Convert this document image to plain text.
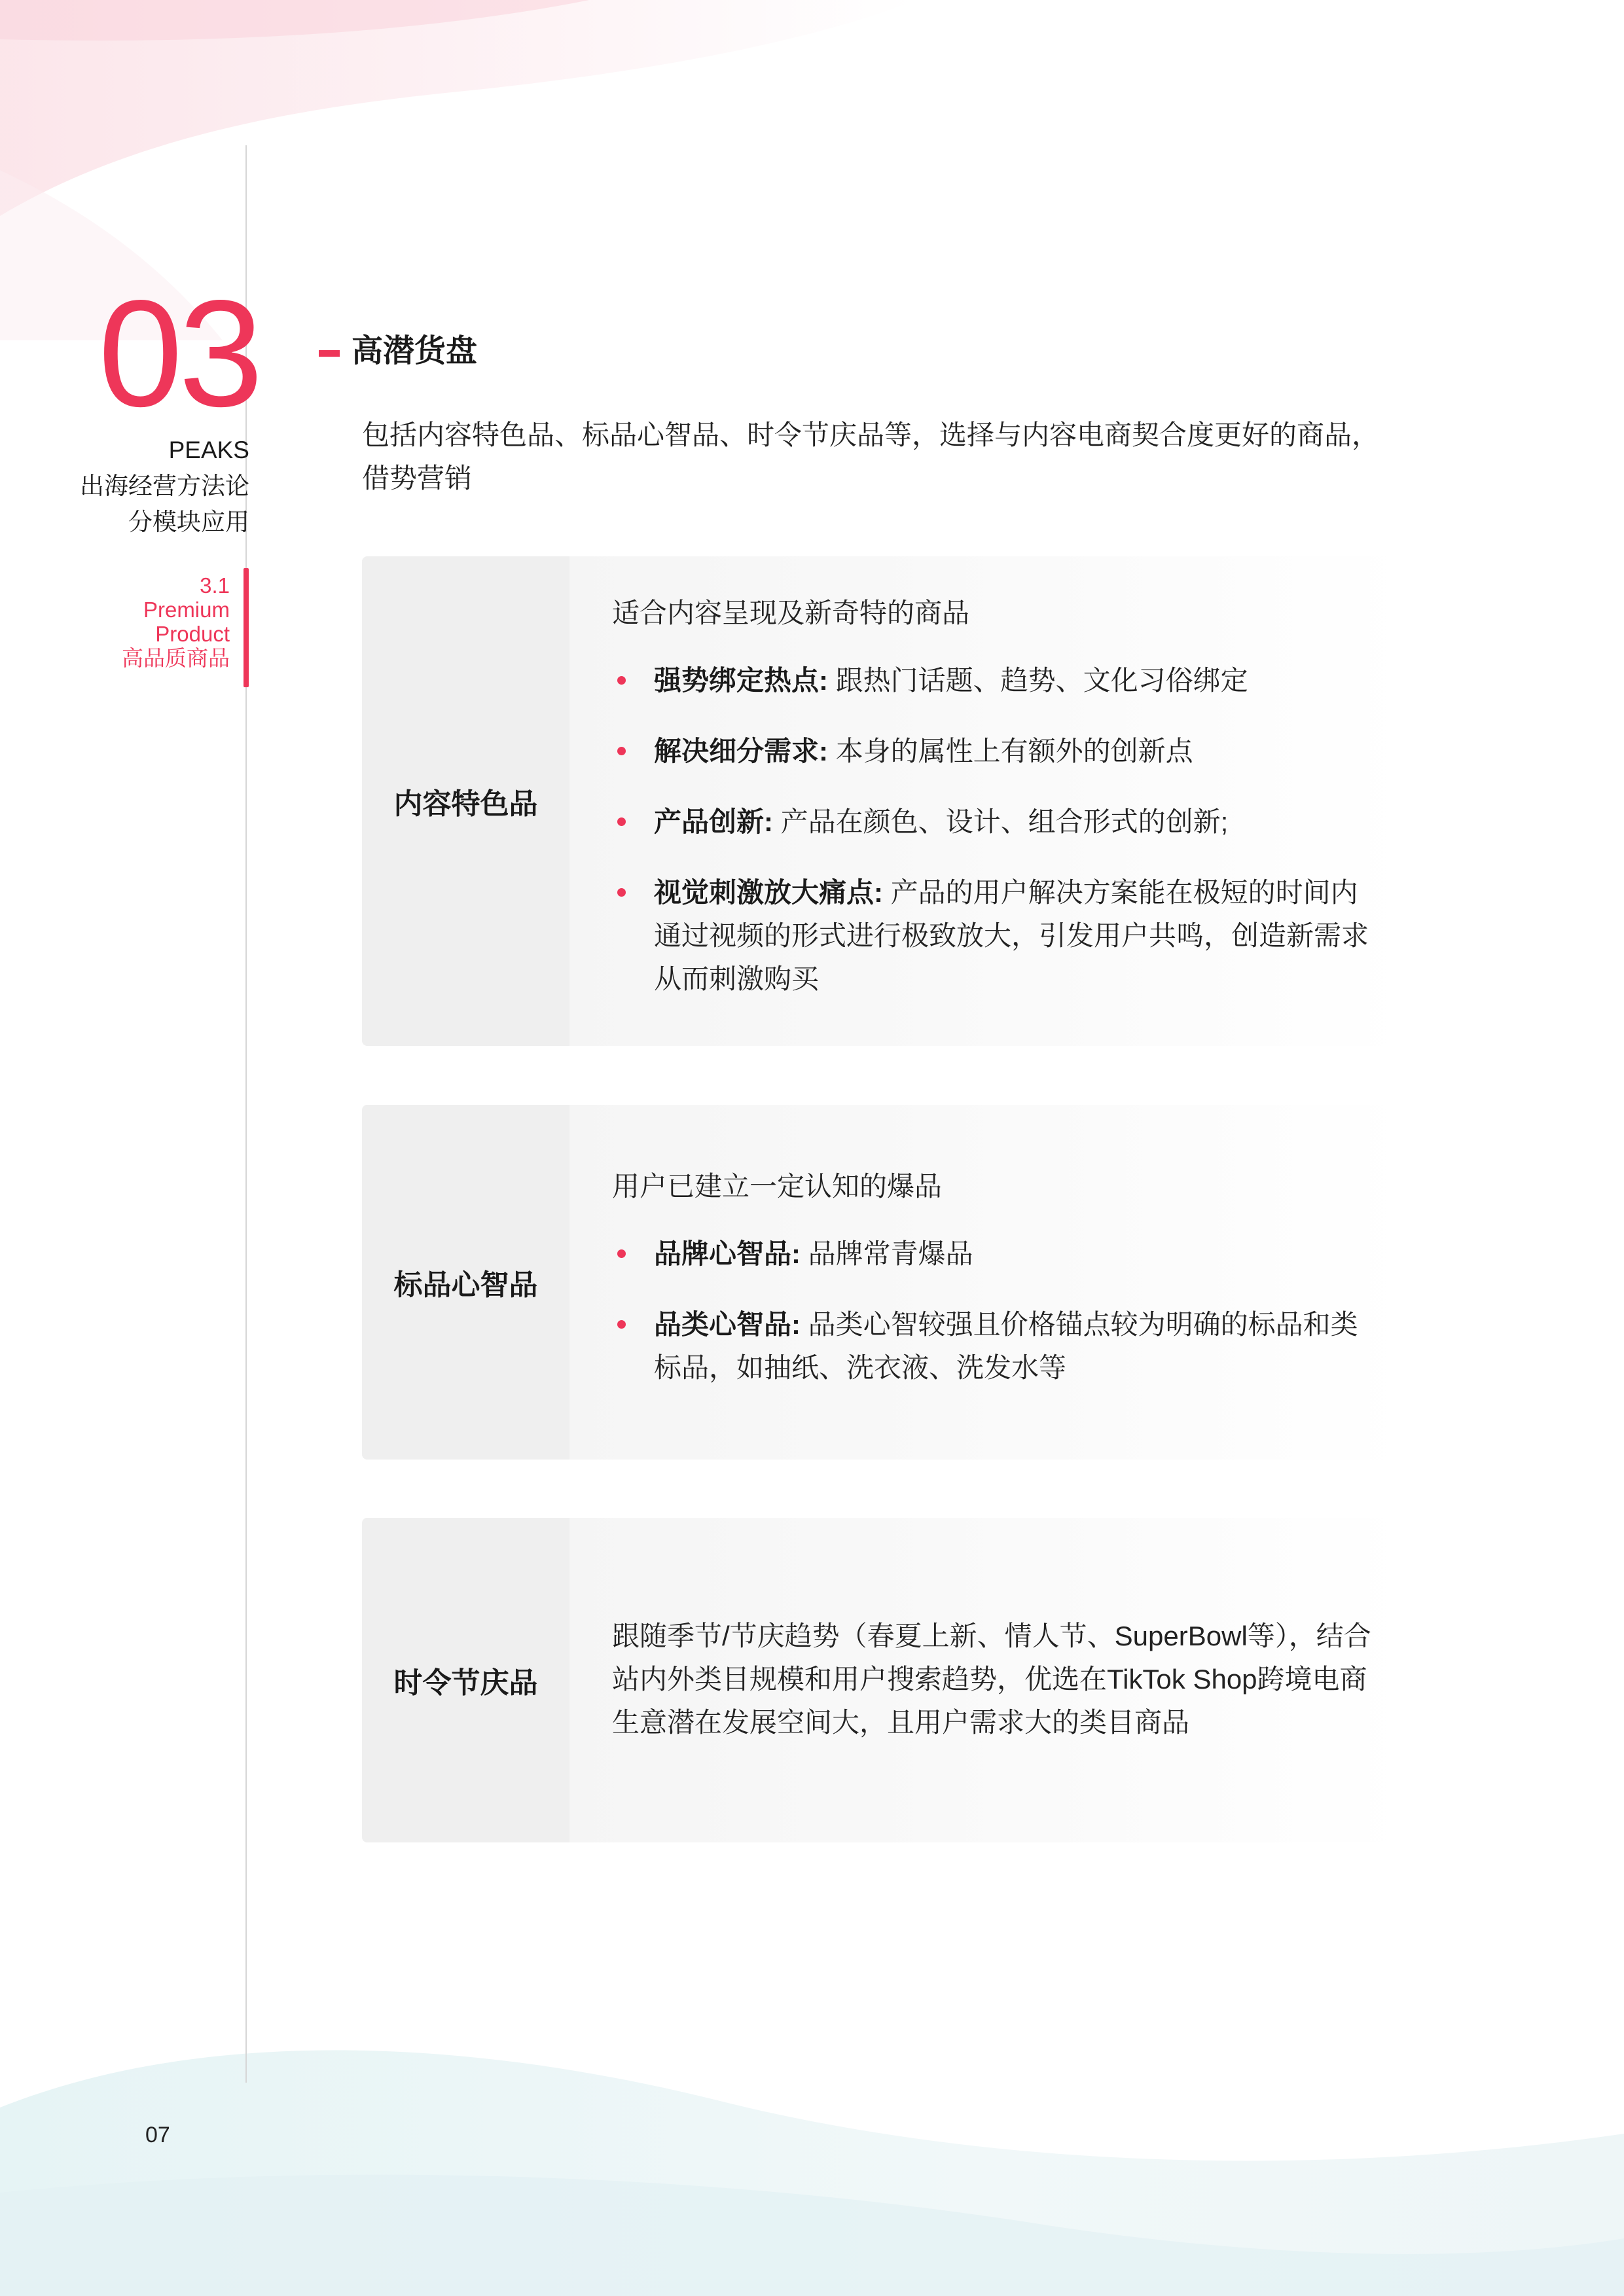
03
PEAKS
出海经营方法论
分模块应用
3.1
Premium
Product
高品质商品
高潜货盘
包括内容特色品、标品心智品、时令节庆品等，选择与内容电商契合度更好的商品，借势营销
内容特色品
适合内容呈现及新奇特的商品
强势绑定热点: 跟热门话题、趋势、文化习俗绑定
解决细分需求: 本身的属性上有额外的创新点
产品创新: 产品在颜色、设计、组合形式的创新;
视觉刺激放大痛点: 产品的用户解决方案能在极短的时间内通过视频的形式进行极致放大，引发用户共鸣，创造新需求从而刺激购买
标品心智品
用户已建立一定认知的爆品
品牌心智品: 品牌常青爆品
品类心智品: 品类心智较强且价格锚点较为明确的标品和类标品，如抽纸、洗衣液、洗发水等
时令节庆品
跟随季节/节庆趋势（春夏上新、情人节、SuperBowl等），结合站内外类目规模和用户搜索趋势，优选在TikTok Shop跨境电商生意潜在发展空间大，且用户需求大的类目商品
07
